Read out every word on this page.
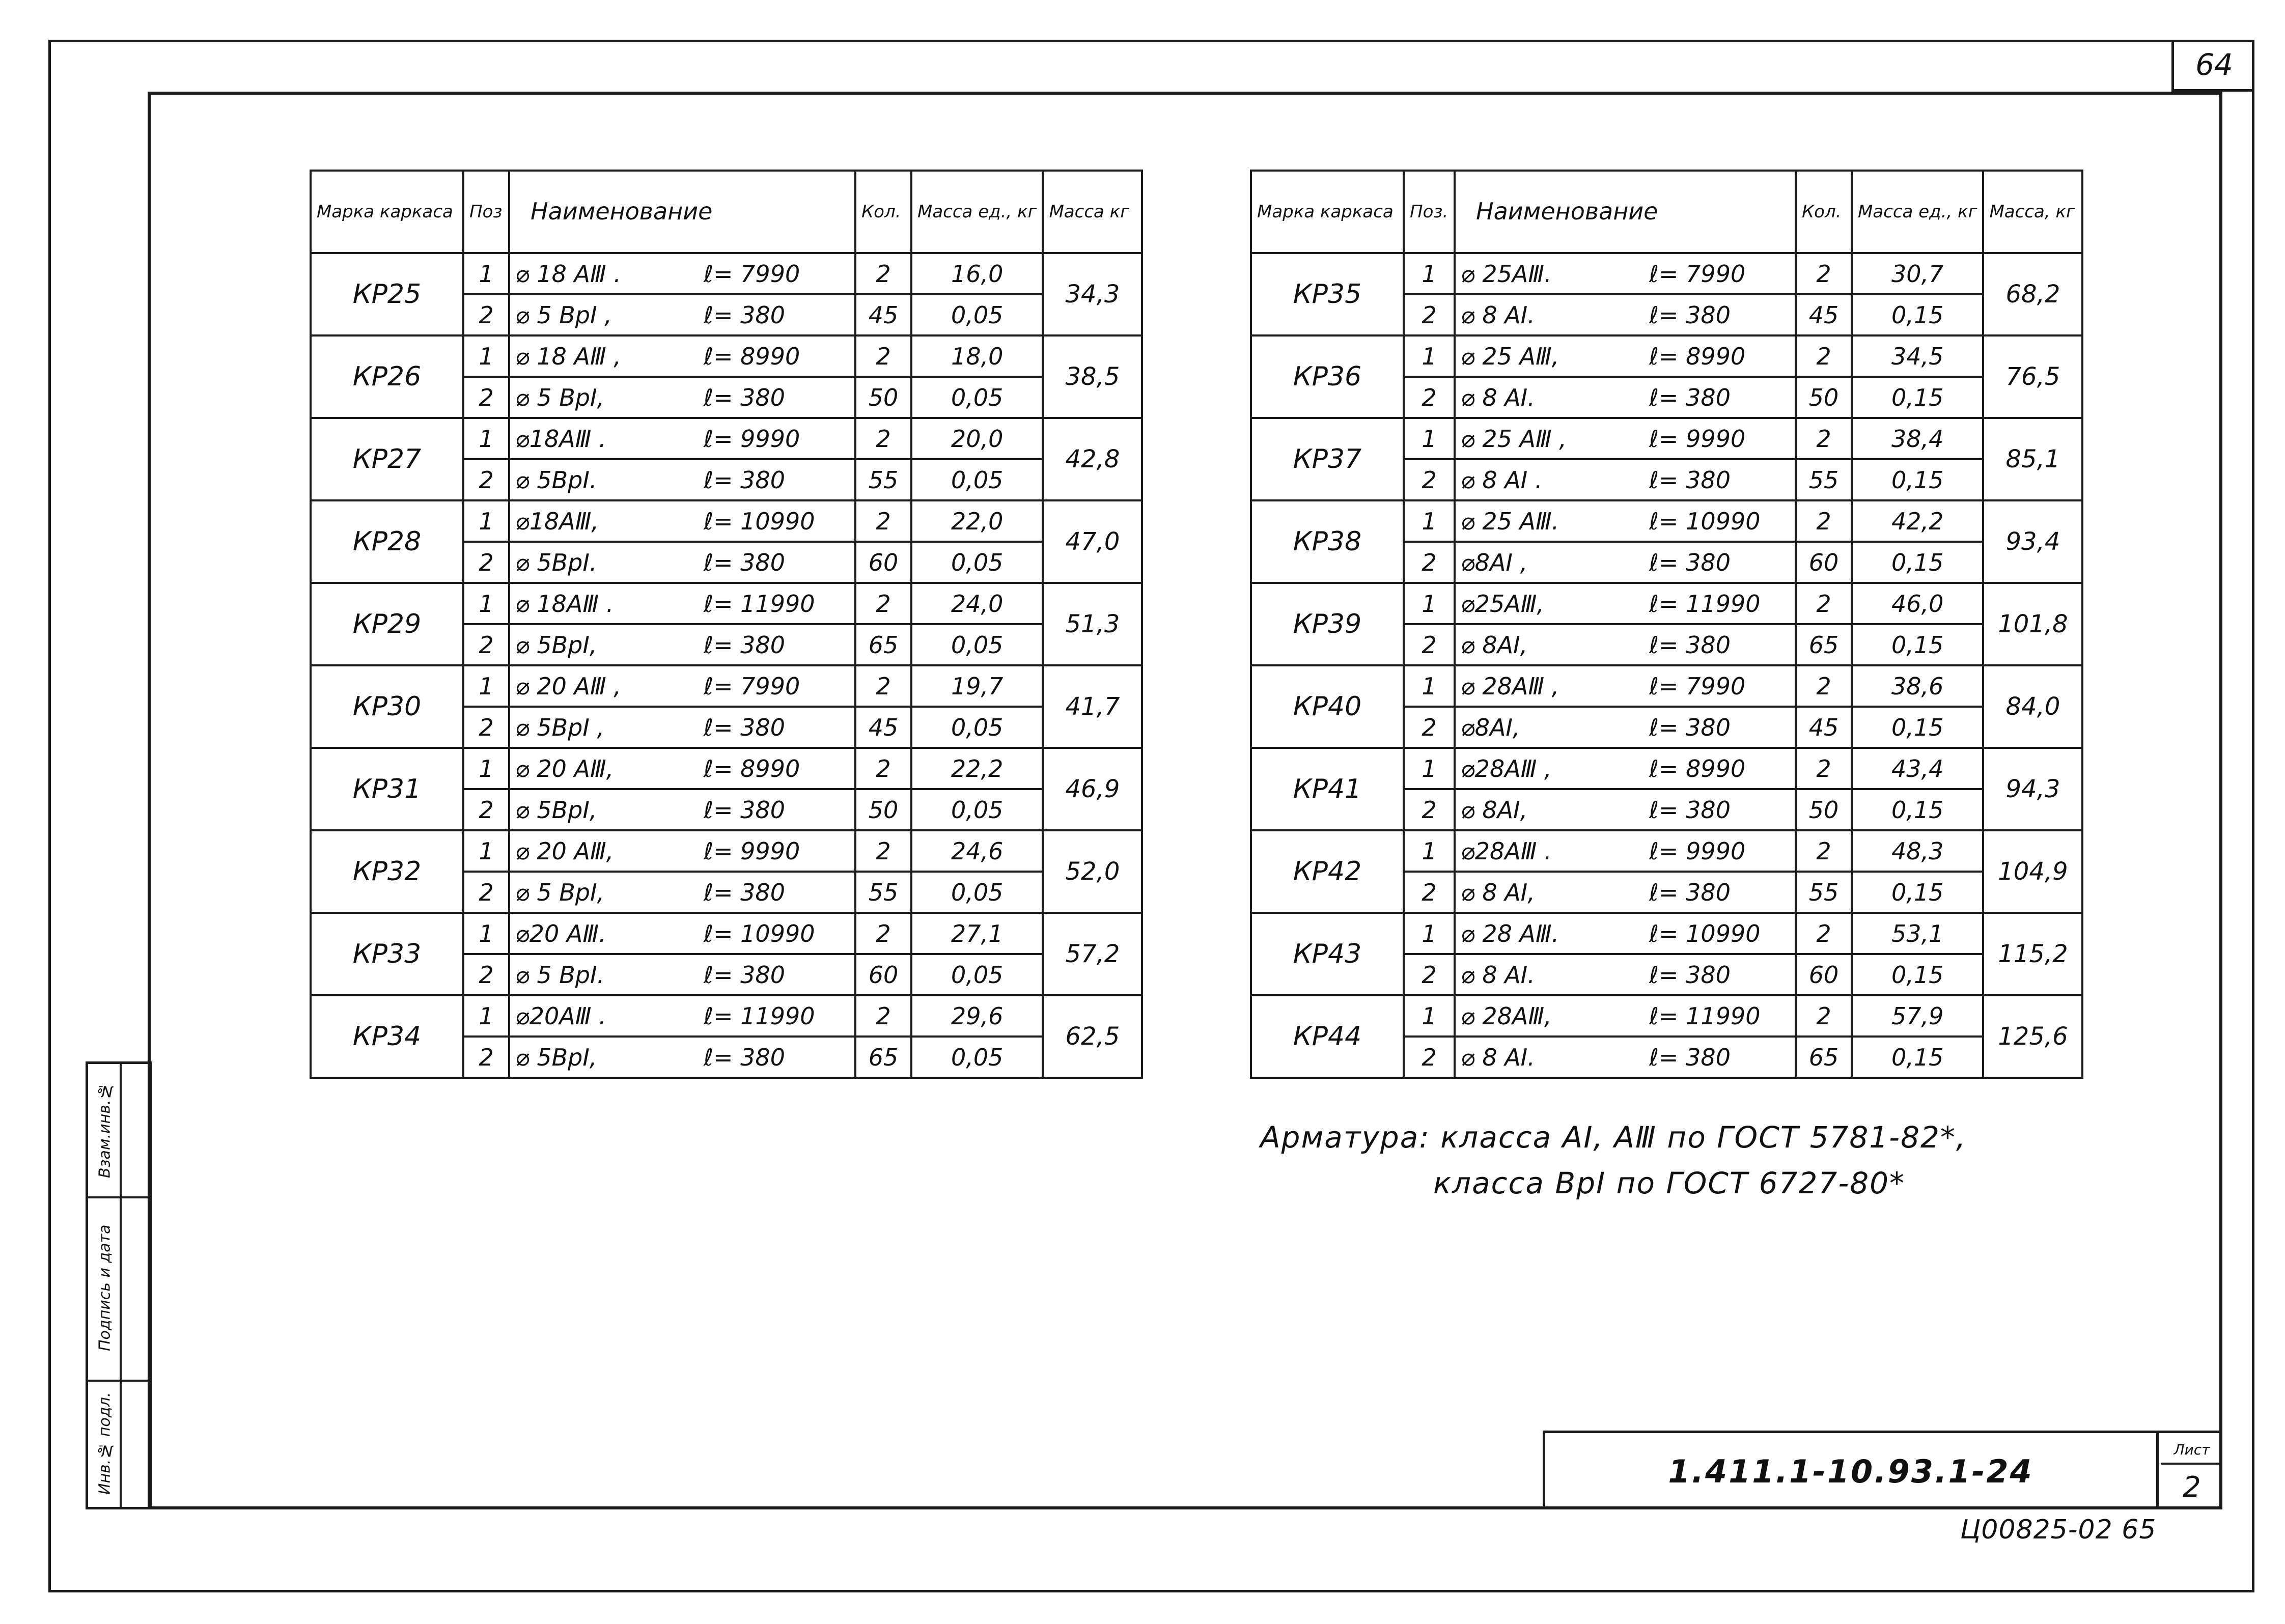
64
Марка каркаса	Поз	Наименование	Кол.	Масса ед., кг	Масса кг
КР25	1	⌀ 18 АⅢ . ℓ= 7990	2	16,0	34,3
	2	⌀ 5 ВрⅠ , ℓ= 380	45	0,05	
КР26	1	⌀ 18 АⅢ , ℓ= 8990	2	18,0	38,5
	2	⌀ 5 ВрⅠ, ℓ= 380	50	0,05	
КР27	1	⌀18АⅢ . ℓ= 9990	2	20,0	42,8
	2	⌀ 5ВрⅠ. ℓ= 380	55	0,05	
КР28	1	⌀18АⅢ, ℓ= 10990	2	22,0	47,0
	2	⌀ 5ВрⅠ. ℓ= 380	60	0,05	
КР29	1	⌀ 18АⅢ . ℓ= 11990	2	24,0	51,3
	2	⌀ 5ВрⅠ, ℓ= 380	65	0,05	
КР30	1	⌀ 20 АⅢ , ℓ= 7990	2	19,7	41,7
	2	⌀ 5ВрⅠ , ℓ= 380	45	0,05	
КР31	1	⌀ 20 АⅢ, ℓ= 8990	2	22,2	46,9
	2	⌀ 5ВрⅠ, ℓ= 380	50	0,05	
КР32	1	⌀ 20 АⅢ, ℓ= 9990	2	24,6	52,0
	2	⌀ 5 ВрⅠ, ℓ= 380	55	0,05	
КР33	1	⌀20 АⅢ. ℓ= 10990	2	27,1	57,2
	2	⌀ 5 ВрⅠ. ℓ= 380	60	0,05	
КР34	1	⌀20АⅢ . ℓ= 11990	2	29,6	62,5
	2	⌀ 5ВрⅠ, ℓ= 380	65	0,05	
Марка каркаса	Поз.	Наименование	Кол.	Масса ед., кг	Масса, кг
КР35	1	⌀ 25АⅢ. ℓ= 7990	2	30,7	68,2
	2	⌀ 8 АⅠ. ℓ= 380	45	0,15	
КР36	1	⌀ 25 АⅢ, ℓ= 8990	2	34,5	76,5
	2	⌀ 8 АⅠ. ℓ= 380	50	0,15	
КР37	1	⌀ 25 АⅢ , ℓ= 9990	2	38,4	85,1
	2	⌀ 8 АⅠ . ℓ= 380	55	0,15	
КР38	1	⌀ 25 АⅢ. ℓ= 10990	2	42,2	93,4
	2	⌀8АⅠ , ℓ= 380	60	0,15	
КР39	1	⌀25АⅢ, ℓ= 11990	2	46,0	101,8
	2	⌀ 8АⅠ, ℓ= 380	65	0,15	
КР40	1	⌀ 28АⅢ , ℓ= 7990	2	38,6	84,0
	2	⌀8АⅠ, ℓ= 380	45	0,15	
КР41	1	⌀28АⅢ , ℓ= 8990	2	43,4	94,3
	2	⌀ 8АⅠ, ℓ= 380	50	0,15	
КР42	1	⌀28АⅢ . ℓ= 9990	2	48,3	104,9
	2	⌀ 8 АⅠ, ℓ= 380	55	0,15	
КР43	1	⌀ 28 АⅢ. ℓ= 10990	2	53,1	115,2
	2	⌀ 8 АⅠ. ℓ= 380	60	0,15	
КР44	1	⌀ 28АⅢ, ℓ= 11990	2	57,9	125,6
	2	⌀ 8 АⅠ. ℓ= 380	65	0,15	
Арматура: класса АⅠ, АⅢ по ГОСТ 5781-82*,
класса ВрⅠ по ГОСТ 6727-80*
Взам.инв.№
Подпись и дата
Инв.№ подл.	1.411.1-10.93.1-24
Лист
2
Ц00825-02 65
